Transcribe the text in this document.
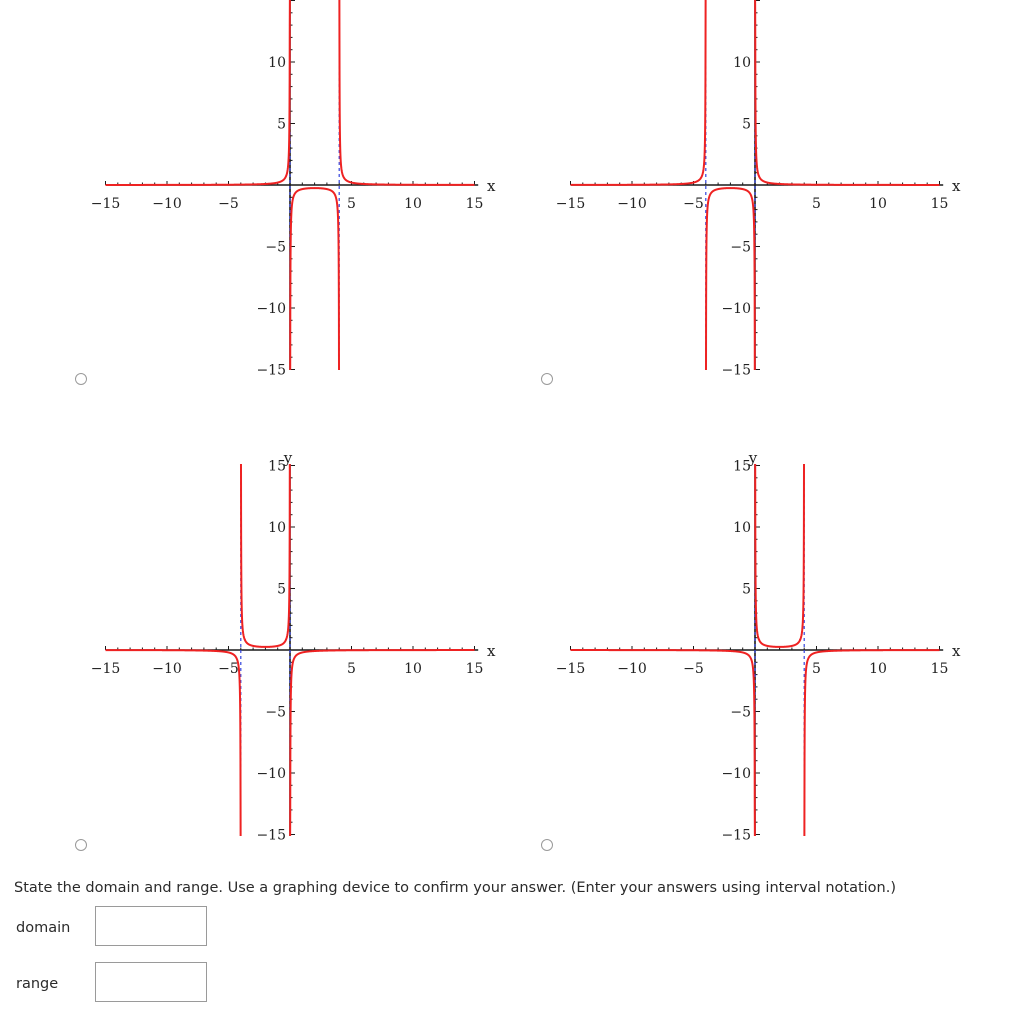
−15 −10	−5	5	10	15
−15
−10
−5
5
10
x
−15 −10	−5	5	10	15
−15
−10
−5
5
10
x
−15 −10	−5	5	10	15
−15
−10
−5
5
10
15
x
y
−15 −10	−5	5	10	15
−15
−10
−5
5
10
15
x
y
State the domain and range. Use a graphing device to confirm your answer. (Enter your answers using interval notation.)
domain
range
